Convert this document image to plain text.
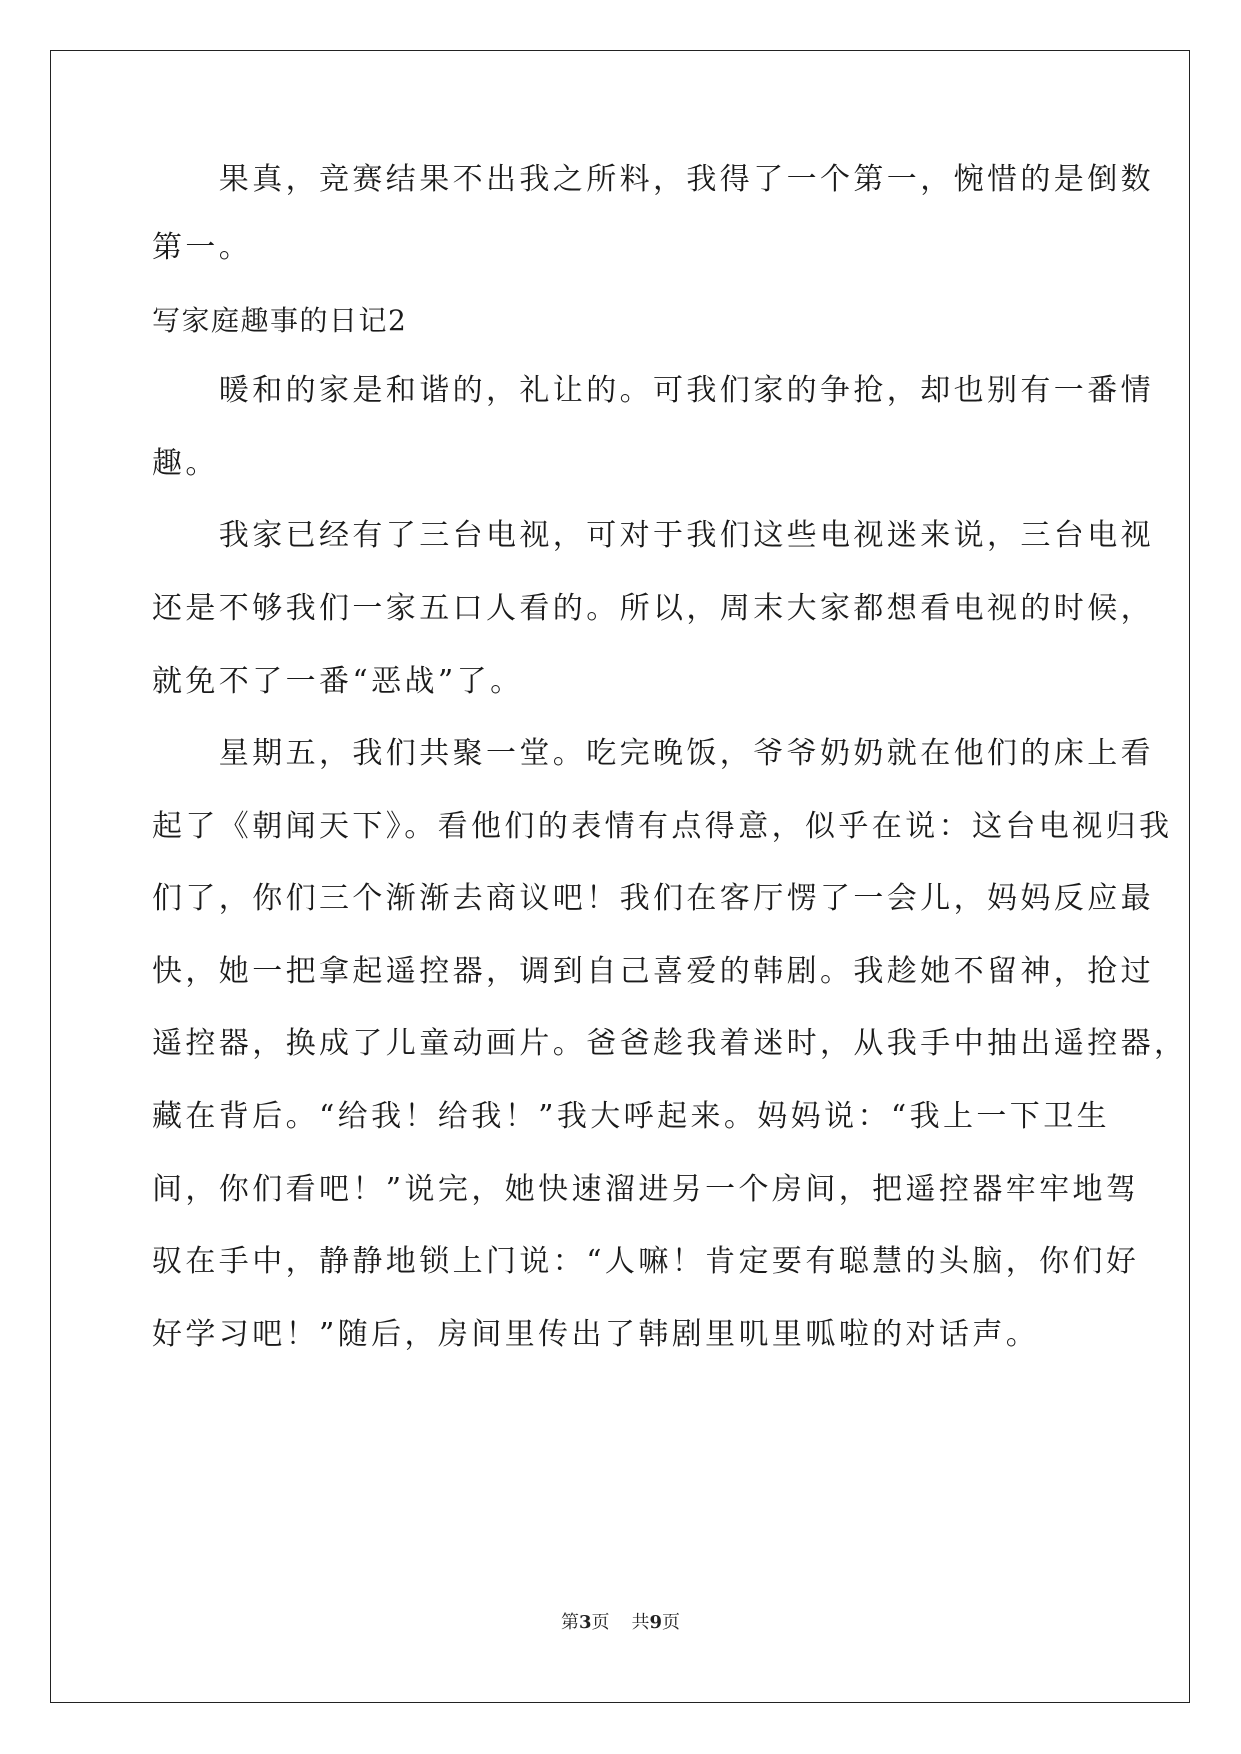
　　果真，竞赛结果不出我之所料，我得了一个第一，惋惜的是倒数
第一。
写家庭趣事的日记2
　　暖和的家是和谐的，礼让的。可我们家的争抢，却也别有一番情
趣。
　　我家已经有了三台电视，可对于我们这些电视迷来说，三台电视
还是不够我们一家五口人看的。所以，周末大家都想看电视的时候，
就免不了一番“恶战”了。
　　星期五，我们共聚一堂。吃完晚饭，爷爷奶奶就在他们的床上看
起了《朝闻天下》。看他们的表情有点得意，似乎在说：这台电视归我
们了，你们三个渐渐去商议吧！我们在客厅愣了一会儿，妈妈反应最
快，她一把拿起遥控器，调到自己喜爱的韩剧。我趁她不留神，抢过
遥控器，换成了儿童动画片。爸爸趁我着迷时，从我手中抽出遥控器，
藏在背后。“给我！给我！”我大呼起来。妈妈说：“我上一下卫生
间，你们看吧！”说完，她快速溜进另一个房间，把遥控器牢牢地驾
驭在手中，静静地锁上门说：“人嘛！肯定要有聪慧的头脑，你们好
好学习吧！”随后，房间里传出了韩剧里叽里呱啦的对话声。
第3页 共9页
